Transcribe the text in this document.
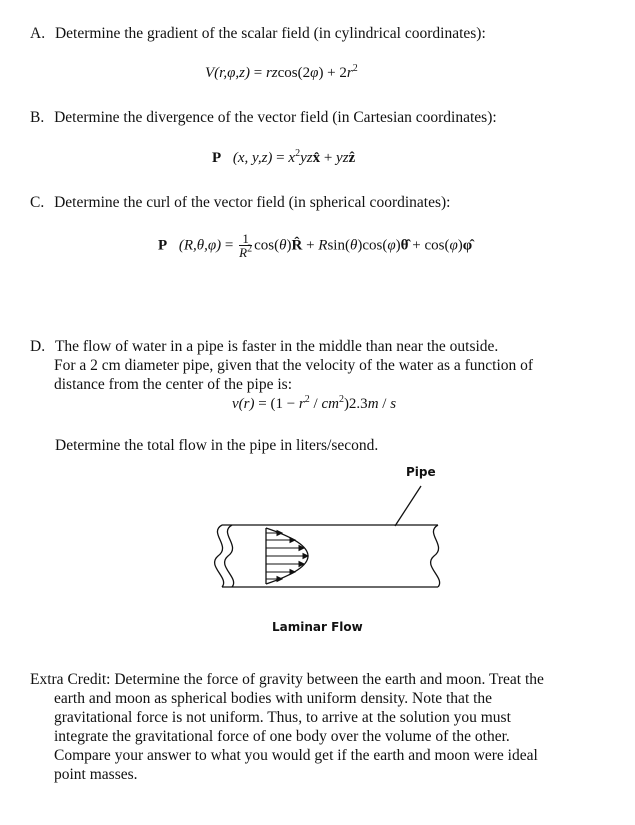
A. Determine the gradient of the scalar field (in cylindrical coordinates):
$V(r,\varphi,z) = rzcos(2\varphi) + 2r^2$
B. Determine the divergence of the vector field (in Cartesian coordinates):
P⃗(x, $y,z) = x^2yzx̂$ + yzẑ
C. Determine the curl of the vector field (in spherical coordinates):
P⃗(R,θ,φ) = $\frac{1}{R^2}$ cos(θ)R̂ + Rsin(θ)cos(φ)θ̂ + cos(φ)φ̂
D. The flow of water in a pipe is faster in the middle than near the outside.
For a 2 cm diameter pipe, given that the velocity of the water as a function of
distance from the center of the pipe is:
$v(r) = (1 - r^2 / cm^2)2.3m / s$
Determine the total flow in the pipe in liters/second.
Pipe
Laminar Flow
Extra Credit: Determine the force of gravity between the earth and moon. Treat the
earth and moon as spherical bodies with uniform density. Note that the
gravitational force is not uniform. Thus, to arrive at the solution you must
integrate the gravitational force of one body over the volume of the other.
Compare your answer to what you would get if the earth and moon were ideal
point masses.
